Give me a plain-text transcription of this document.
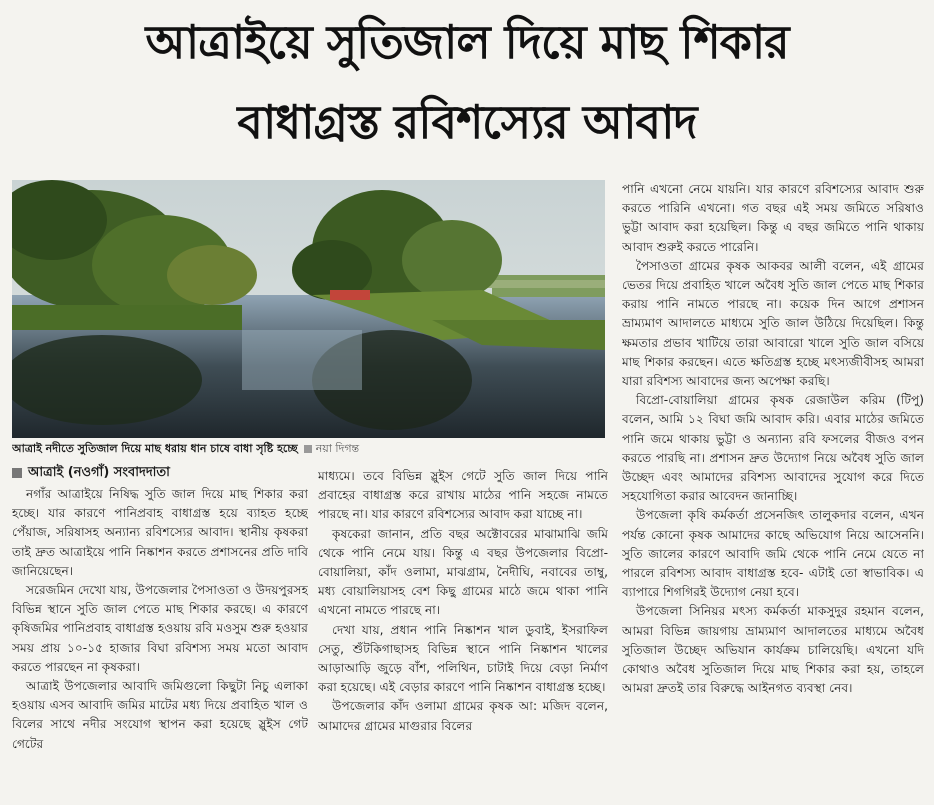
আত্রাইয়ে সুতিজাল দিয়ে মাছ শিকার
বাধাগ্রস্ত রবিশস্যের আবাদ
আত্রাই নদীতে সুতিজাল দিয়ে মাছ ধরায় ধান চাষে বাধা সৃষ্টি হচ্ছে নয়া দিগন্ত
আত্রাই (নওগাঁ) সংবাদদাতা

নগাঁর আত্রাইয়ে নিষিদ্ধ সুতি জাল দিয়ে মাছ শিকার করা হচ্ছে। যার কারণে পানিপ্রবাহ বাধাগ্রস্ত হয়ে ব্যাহত হচ্ছে পেঁয়াজ, সরিষাসহ অন্যান্য রবিশস্যের আবাদ। স্থানীয় কৃষকরা তাই দ্রুত আত্রাইয়ে পানি নিষ্কাশন করতে প্রশাসনের প্রতি দাবি জানিয়েছেন।

সরেজমিন দেখো যায়, উপজেলার পৈসাওতা ও উদয়পুরসহ বিভিন্ন স্থানে সুতি জাল পেতে মাছ শিকার করছে। এ কারণে কৃষিজমির পানিপ্রবাহ বাধাগ্রস্ত হওয়ায় রবি মওসুম শুরু হওয়ার সময় প্রায় ১০-১৫ হাজার বিঘা রবিশস্য সময় মতো আবাদ করতে পারছেন না কৃষকরা।

আত্রাই উপজেলার আবাদি জমিগুলো কিছুটা নিচু এলাকা হওয়ায় এসব আবাদি জমির মাটের মধ্য দিয়ে প্রবাহিত খাল ও বিলের সাথে নদীর সংযোগ স্থাপন করা হয়েছে স্লুইস গেট গেটের

মাধ্যমে। তবে বিভিন্ন স্লুইস গেটে সুতি জাল দিয়ে পানি প্রবাহের বাধাগ্রস্ত করে রাখায় মাঠের পানি সহজে নামতে পারছে না। যার কারণে রবিশস্যের আবাদ করা যাচ্ছে না।

কৃষকেরা জানান, প্রতি বছর অক্টোবরের মাঝামাঝি জমি থেকে পানি নেমে যায়। কিন্তু এ বছর উপজেলার বিপ্রো-বোয়ালিয়া, কাঁদ ওলামা, মাঝগ্রাম, নৈদীঘি, নবাবের তাম্বু, মধ্য বোয়ালিয়াসহ বেশ কিছু গ্রামের মাঠে জমে থাকা পানি এখনো নামতে পারছে না।

দেখা যায়, প্রধান পানি নিষ্কাশন খাল ডুবাই, ইসরাফিল সেতু, শুঁটকিগাছাসহ বিভিন্ন স্থানে পানি নিষ্কাশন খালের আড়াআড়ি জুড়ে বাঁশ, পলিথিন, চাটাই দিয়ে বেড়া নির্মাণ করা হয়েছে। এই বেড়ার কারণে পানি নিষ্কাশন বাধাগ্রস্ত হচ্ছে।

উপজেলার কাঁদ ওলামা গ্রামের কৃষক আ: মজিদ বলেন, আমাদের গ্রামের মাগুরার বিলের

পানি এখনো নেমে যায়নি। যার কারণে রবিশস্যের আবাদ শুরু করতে পারিনি এখনো। গত বছর এই সময় জমিতে সরিষাও ভুট্টা আবাদ করা হয়েছিল। কিন্তু এ বছর জমিতে পানি থাকায় আবাদ শুরুই করতে পারেনি।

পৈসাওতা গ্রামের কৃষক আকবর আলী বলেন, এই গ্রামের ভেতর দিয়ে প্রবাহিত খালে অবৈধ সুতি জাল পেতে মাছ শিকার করায় পানি নামতে পারছে না। কয়েক দিন আগে প্রশাসন ভ্রাম্যমাণ আদালতে মাধ্যমে সুতি জাল উঠিয়ে দিয়েছিল। কিন্তু ক্ষমতার প্রভাব খাটিয়ে তারা আবারো খালে সুতি জাল বসিয়ে মাছ শিকার করছেন। এতে ক্ষতিগ্রস্ত হচ্ছে মৎস্যজীবীসহ আমরা যারা রবিশস্য আবাদের জন্য অপেক্ষা করছি।

বিপ্রো-বোয়ালিয়া গ্রামের কৃষক রেজাউল করিম (টিপু) বলেন, আমি ১২ বিঘা জমি আবাদ করি। এবার মাঠের জমিতে পানি জমে থাকায় ভুট্টা ও অন্যান্য রবি ফসলের বীজও বপন করতে পারছি না। প্রশাসন দ্রুত উদ্যোগ নিয়ে অবৈধ সুতি জাল উচ্ছেদ এবং আমাদের রবিশস্য আবাদের সুযোগ করে দিতে সহযোগিতা করার আবেদন জানাচ্ছি।

উপজেলা কৃষি কর্মকর্তা প্রসেনজিৎ তালুকদার বলেন, এখন পর্যন্ত কোনো কৃষক আমাদের কাছে অভিযোগ নিয়ে আসেননি। সুতি জালের কারণে আবাদি জমি থেকে পানি নেমে যেতে না পারলে রবিশস্য আবাদ বাধাগ্রস্ত হবে- এটাই তো স্বাভাবিক। এ ব্যাপারে শিগগিরই উদ্যোগ নেয়া হবে।

উপজেলা সিনিয়র মৎস্য কর্মকর্তা মাকসুদুর রহমান বলেন, আমরা বিভিন্ন জায়গায় ভ্রাম্যমাণ আদালতের মাধ্যমে অবৈধ সুতিজাল উচ্ছেদ অভিযান কার্যক্রম চালিয়েছি। এখনো যদি কোথাও অবৈধ সুতিজাল দিয়ে মাছ শিকার করা হয়, তাহলে আমরা দ্রুতই তার বিরুদ্ধে আইনগত ব্যবস্থা নেব।
